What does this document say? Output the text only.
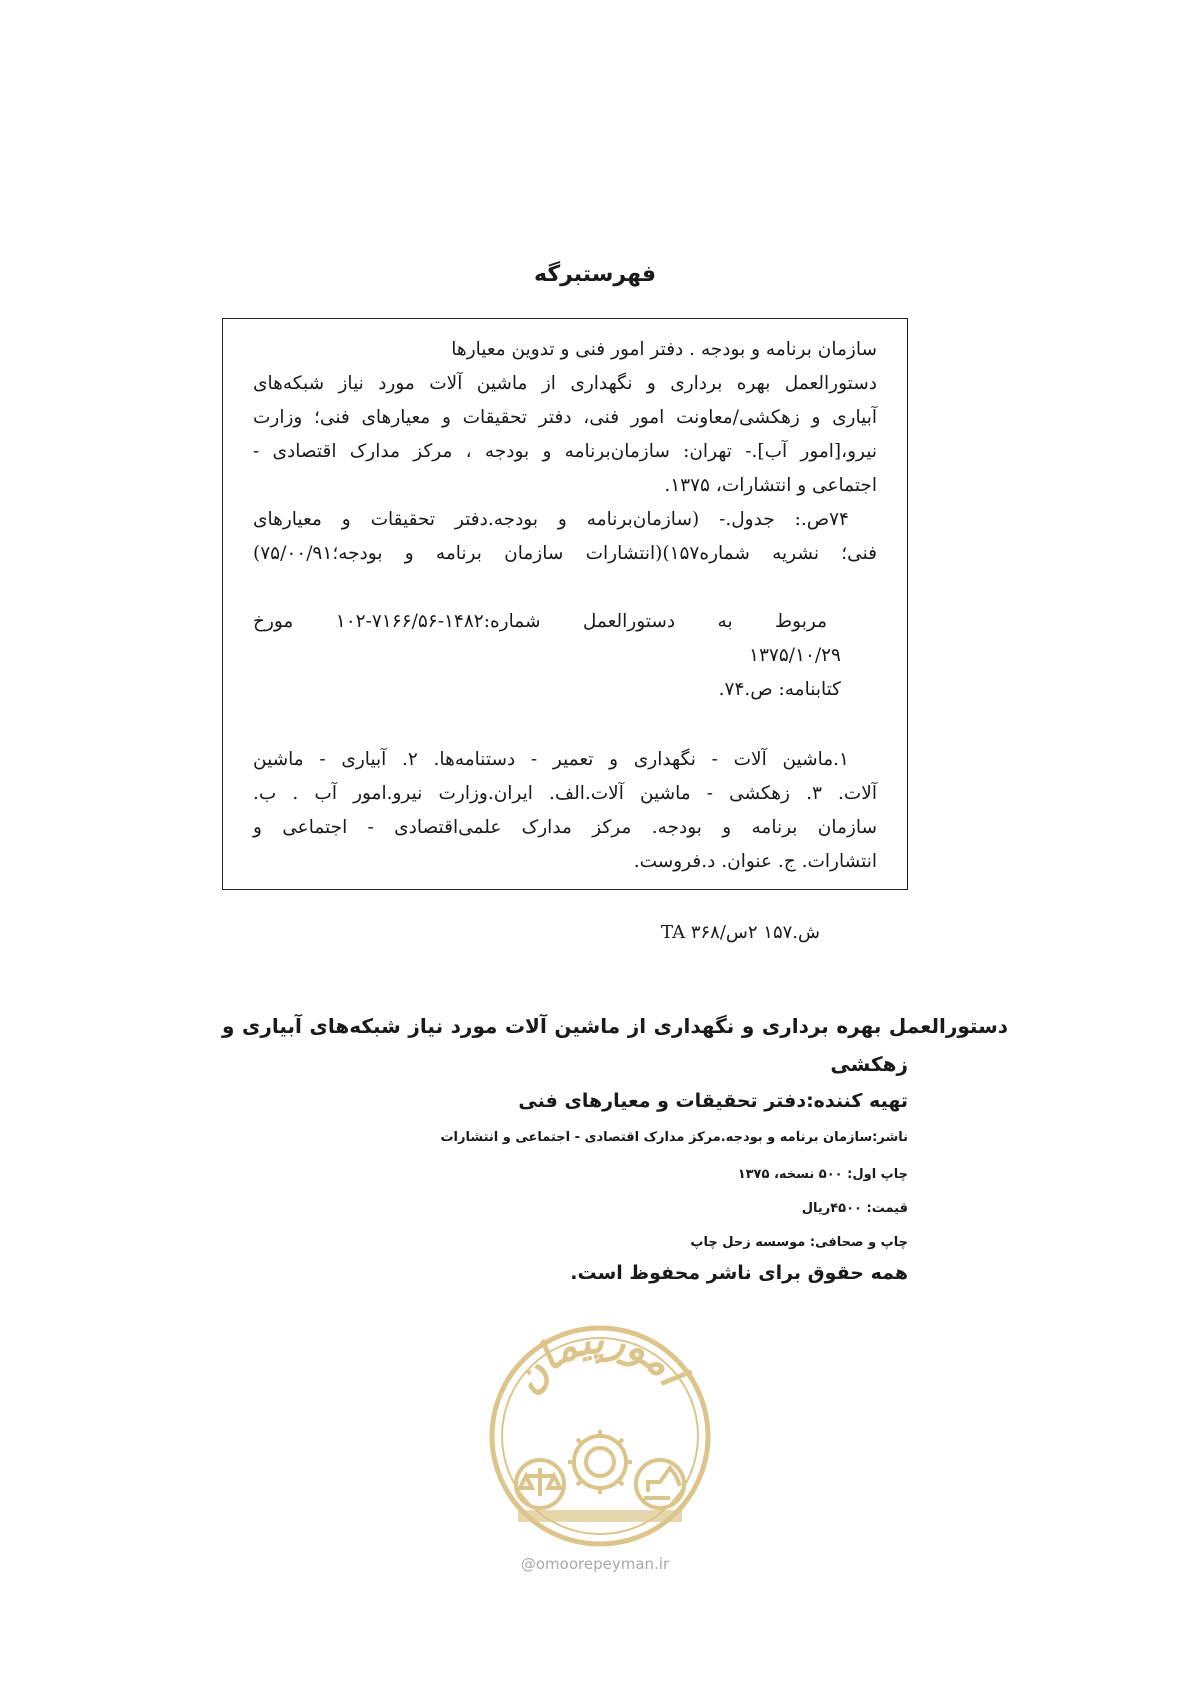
فهرستبرگه
سازمان برنامه و بودجه . دفتر امور فنی و تدوین معیارها
دستورالعمل بهره برداری و نگهداری از ماشین آلات مورد نیاز شبکه‌های
آبیاری و زهکشی/معاونت امور فنی، دفتر تحقیقات و معیارهای فنی؛ وزارت
نیرو،[امور آب].- تهران: سازمان‌برنامه و بودجه ، مرکز مدارک اقتصادی -
اجتماعی و انتشارات، ۱۳۷۵.
۷۴ص.: جدول.- (سازمان‌برنامه و بودجه.دفتر تحقیقات و معیارهای
فنی؛ نشریه شماره۱۵۷)(انتشارات سازمان برنامه و بودجه؛۷۵/۰۰/۹۱)
مربوط به دستورالعمل شماره:۱۴۸۲-۷۱۶۶/۵۶-۱۰۲ مورخ
۱۳۷۵/۱۰/۲۹
کتابنامه: ص.۷۴.
۱.ماشین آلات - نگهداری و تعمیر - دستنامه‌ها. ۲. آبیاری - ماشین
آلات. ۳. زهکشی - ماشین آلات.الف. ایران.وزارت نیرو.امور آب . ب.
سازمان برنامه و بودجه. مرکز مدارک علمی‌اقتصادی - اجتماعی و
انتشارات. ج. عنوان. د.فروست.
ش.۱۵۷ ۲س/۳۶۸ TA
دستورالعمل بهره برداری و نگهداری از ماشین آلات مورد نیاز شبکه‌های آبیاری و
زهکشی
تهیه کننده:دفتر تحقیقات و معیارهای فنی
ناشر:سازمان برنامه و بودجه.مرکز مدارک اقتصادی - اجتماعی و انتشارات
چاپ اول: ۵۰۰ نسخه، ۱۳۷۵
قیمت: ۴۵۰۰ریال
چاپ و صحافی: موسسه زحل چاپ
همه حقوق برای ناشر محفوظ است.
امورپیمان
@omoorepeyman.ir
